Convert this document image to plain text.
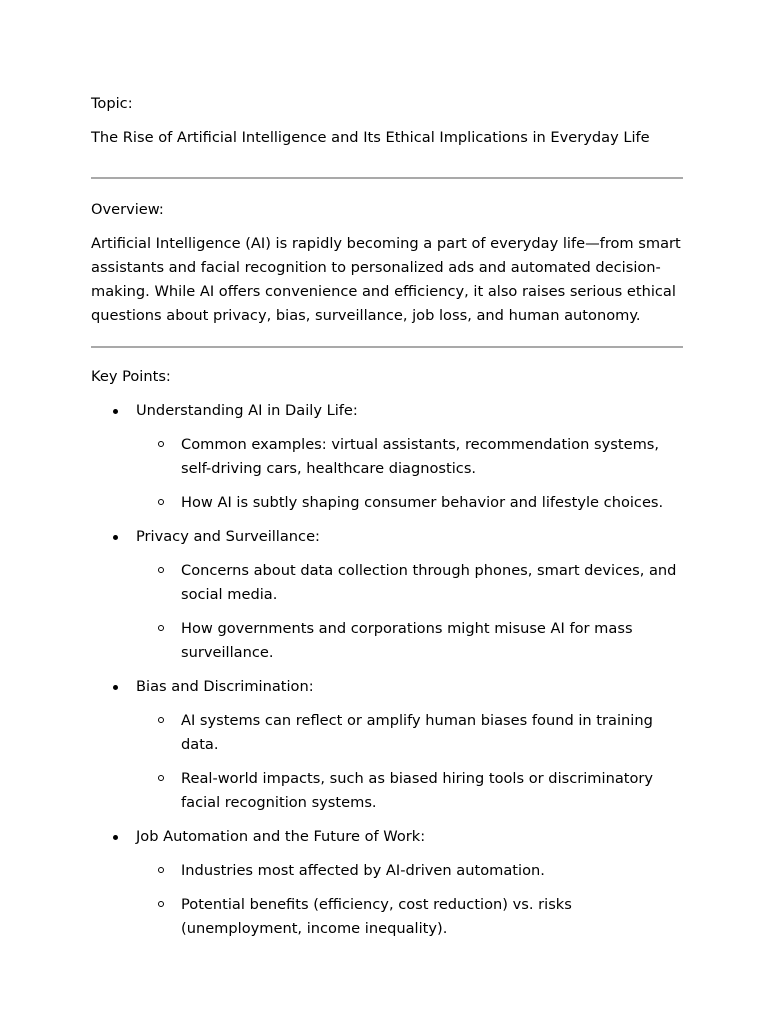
Topic:

The Rise of Artificial Intelligence and Its Ethical Implications in Everyday Life

Overview:

Artificial Intelligence (AI) is rapidly becoming a part of everyday life—from smart assistants and facial recognition to personalized ads and automated decision-making. While AI offers convenience and efficiency, it also raises serious ethical questions about privacy, bias, surveillance, job loss, and human autonomy.

Key Points:

Understanding AI in Daily Life:
Common examples: virtual assistants, recommendation systems, self-driving cars, healthcare diagnostics.
How AI is subtly shaping consumer behavior and lifestyle choices.
Privacy and Surveillance:
Concerns about data collection through phones, smart devices, and social media.
How governments and corporations might misuse AI for mass surveillance.
Bias and Discrimination:
AI systems can reflect or amplify human biases found in training data.
Real-world impacts, such as biased hiring tools or discriminatory facial recognition systems.
Job Automation and the Future of Work:
Industries most affected by AI-driven automation.
Potential benefits (efficiency, cost reduction) vs. risks (unemployment, income inequality).
